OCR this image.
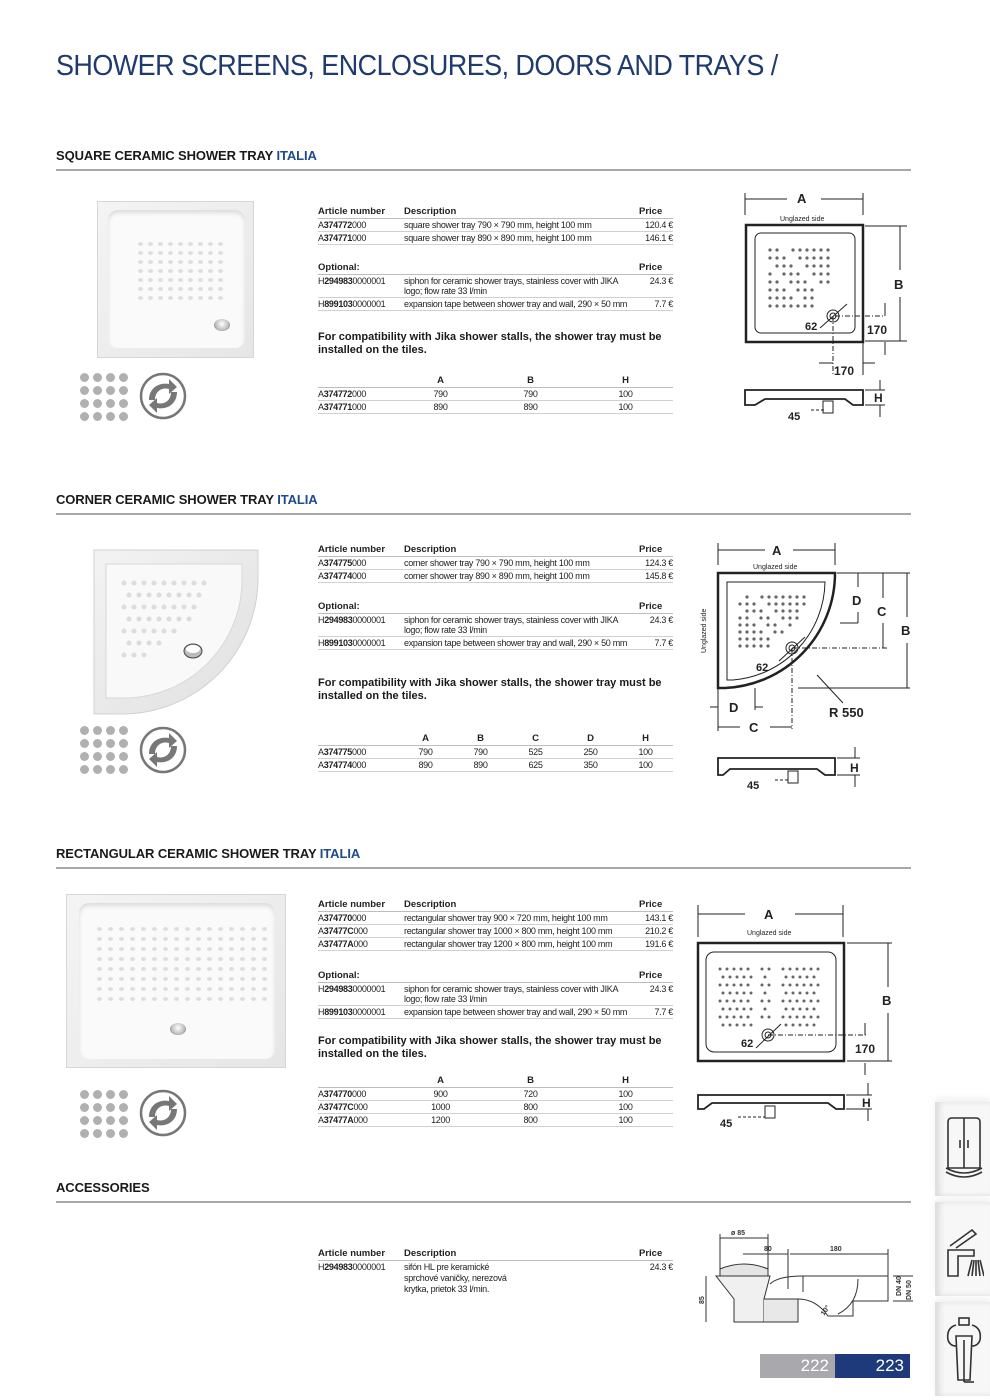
SHOWER SCREENS, ENCLOSURES, DOORS AND TRAYS /
SQUARE CERAMIC SHOWER TRAY ITALIA
Article number	Description	Price
A374772000	square shower tray 790 × 790 mm, height 100 mm	120.4 €
A374771000	square shower tray 890 × 890 mm, height 100 mm	146.1 €
Optional:		Price
H2949830000001	siphon for ceramic shower trays, stainless cover with JIKA logo; flow rate 33 l/min	24.3 €
H8991030000001	expansion tape between shower tray and wall, 290 × 50 mm	7.7 €
For compatibility with Jika shower stalls, the shower tray must be installed on the tiles.
	A	B	H
A374772000	790	790	100
A374771000	890	890	100
A
Unglazed side
B
62	170
170
H
45
CORNER CERAMIC SHOWER TRAY ITALIA
Article number	Description	Price
A374775000	corner shower tray 790 × 790 mm, height 100 mm	124.3 €
A374774000	corner shower tray 890 × 890 mm, height 100 mm	145.8 €
Optional:		Price
H2949830000001	siphon for ceramic shower trays, stainless cover with JIKA logo; flow rate 33 l/min	24.3 €
H8991030000001	expansion tape between shower tray and wall, 290 × 50 mm	7.7 €
For compatibility with Jika shower stalls, the shower tray must be installed on the tiles.
	A	B	C	D	H
A374775000	790	790	525	250	100
A374774000	890	890	625	350	100
A
Unglazed side
Unglazed side
D
C
B
62
R 550
D
C
H
45
RECTANGULAR CERAMIC SHOWER TRAY ITALIA
Article number	Description	Price
A374770000	rectangular shower tray 900 × 720 mm, height 100 mm	143.1 €
A37477C000	rectangular shower tray 1000 × 800 mm, height 100 mm	210.2 €
A37477A000	rectangular shower tray 1200 × 800 mm, height 100 mm	191.6 €
Optional:		Price
H2949830000001	siphon for ceramic shower trays, stainless cover with JIKA logo; flow rate 33 l/min	24.3 €
H8991030000001	expansion tape between shower tray and wall, 290 × 50 mm	7.7 €
For compatibility with Jika shower stalls, the shower tray must be installed on the tiles.
	A	B	H
A374770000	900	720	100
A37477C000	1000	800	100
A37477A000	1200	800	100
A
Unglazed side
B
62	170
H
45
ACCESSORIES
Article number	Description	Price
H2949830000001	sifón HL pre keramické sprchové vaničky, nerezová krytka, prietok 33 l/min.	24.3 €
ø 85
80	180
85
DN 40 DN 50
10°
222	223
